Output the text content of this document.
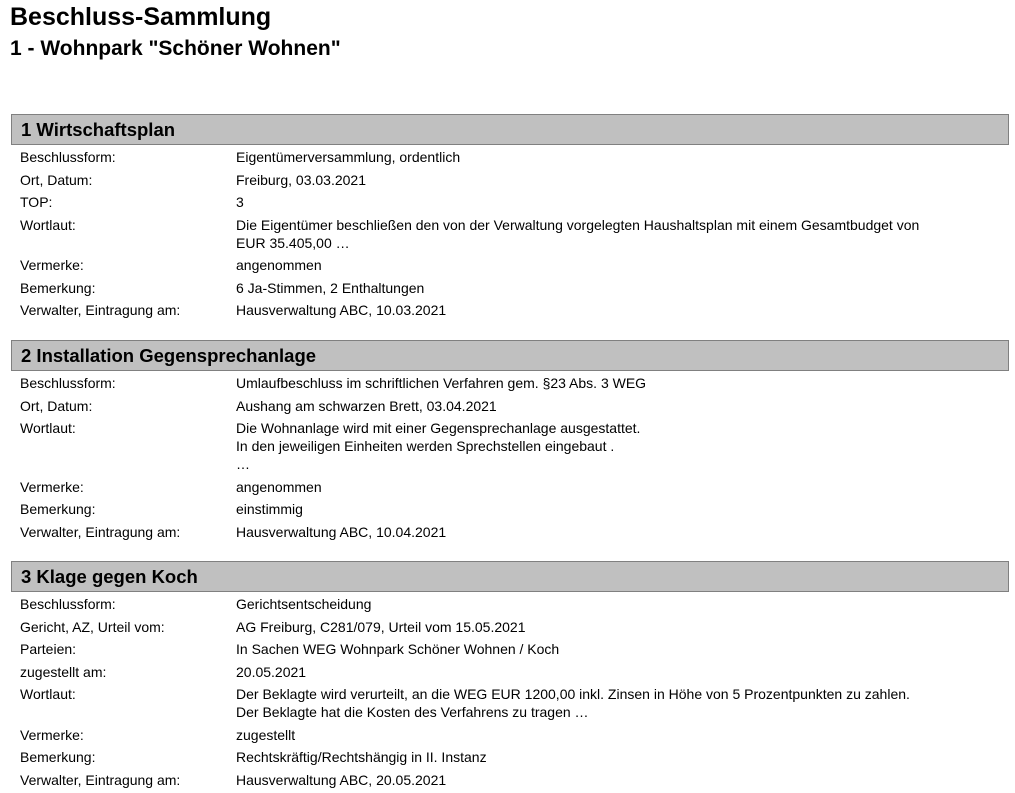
Beschluss-Sammlung
1 - Wohnpark "Schöner Wohnen"
1 Wirtschaftsplan
Beschlussform:	Eigentümerversammlung, ordentlich
Ort, Datum:	Freiburg, 03.03.2021
TOP:	3
Wortlaut:	Die Eigentümer beschließen den von der Verwaltung vorgelegten Haushaltsplan mit einem Gesamtbudget von
EUR 35.405,00 …
Vermerke:	angenommen
Bemerkung:	6 Ja-Stimmen, 2 Enthaltungen
Verwalter, Eintragung am:	Hausverwaltung ABC, 10.03.2021
2 Installation Gegensprechanlage
Beschlussform:	Umlaufbeschluss im schriftlichen Verfahren gem. §23 Abs. 3 WEG
Ort, Datum:	Aushang am schwarzen Brett, 03.04.2021
Wortlaut:	Die Wohnanlage wird mit einer Gegensprechanlage ausgestattet.
In den jeweiligen Einheiten werden Sprechstellen eingebaut .
…
Vermerke:	angenommen
Bemerkung:	einstimmig
Verwalter, Eintragung am:	Hausverwaltung ABC, 10.04.2021
3 Klage gegen Koch
Beschlussform:	Gerichtsentscheidung
Gericht, AZ, Urteil vom:	AG Freiburg, C281/079, Urteil vom 15.05.2021
Parteien:	In Sachen WEG Wohnpark Schöner Wohnen / Koch
zugestellt am:	20.05.2021
Wortlaut:	Der Beklagte wird verurteilt, an die WEG EUR 1200,00 inkl. Zinsen in Höhe von 5 Prozentpunkten zu zahlen.
Der Beklagte hat die Kosten des Verfahrens zu tragen …
Vermerke:	zugestellt
Bemerkung:	Rechtskräftig/Rechtshängig in II. Instanz
Verwalter, Eintragung am:	Hausverwaltung ABC, 20.05.2021
